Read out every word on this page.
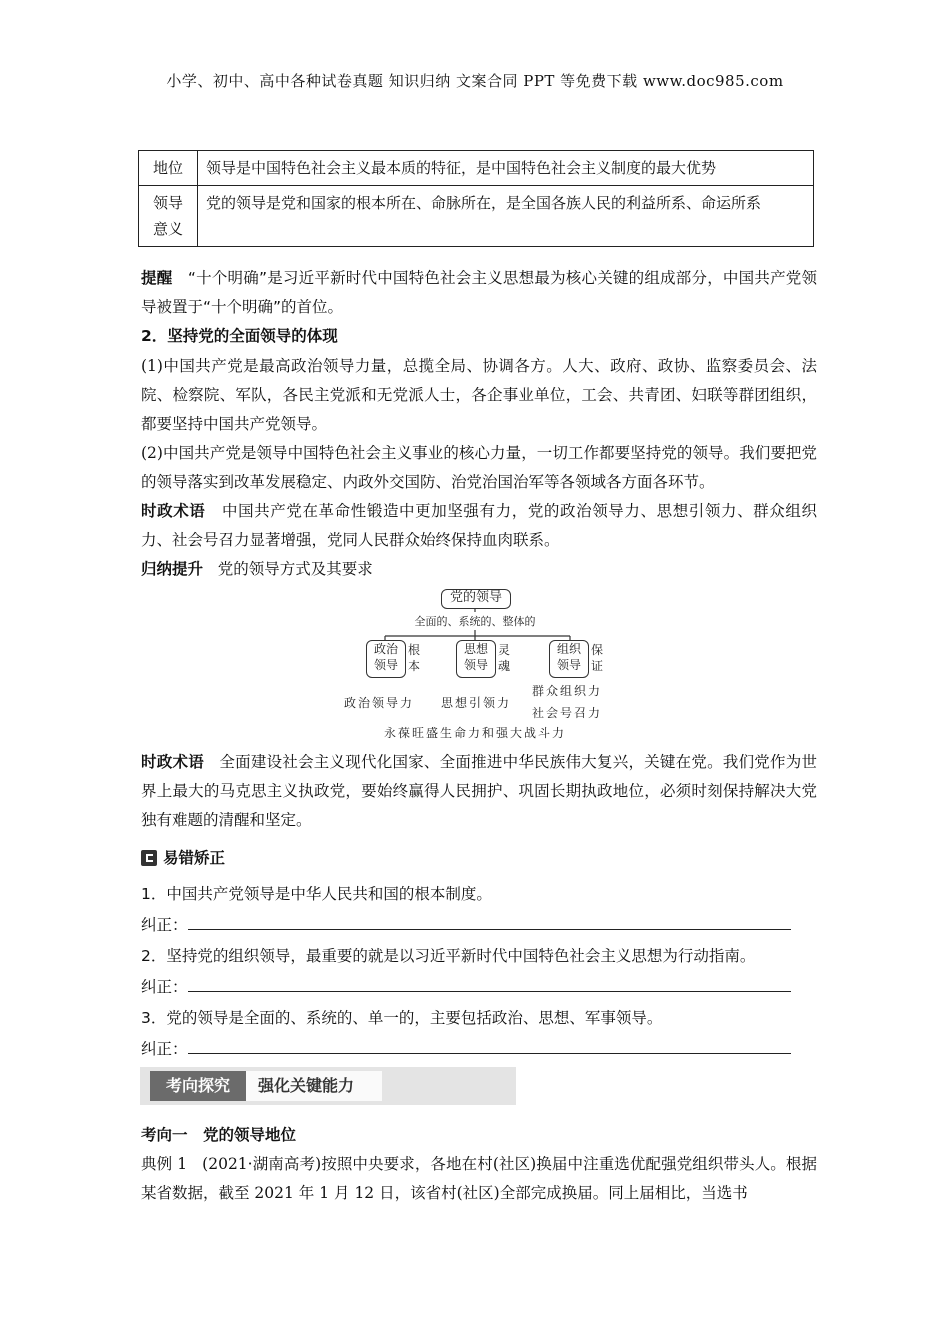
小学、初中、高中各种试卷真题 知识归纳 文案合同 PPT 等免费下载 www.doc985.com
地位	领导是中国特色社会主义最本质的特征，是中国特色社会主义制度的最大优势

领导
意义	党的领导是党和国家的根本所在、命脉所在，是全国各族人民的利益所系、命运所系
提醒 “十个明确”是习近平新时代中国特色社会主义思想最为核心关键的组成部分，中国共产党领导被置于“十个明确”的首位。
2．坚持党的全面领导的体现
(1)中国共产党是最高政治领导力量，总揽全局、协调各方。人大、政府、政协、监察委员会、法院、检察院、军队，各民主党派和无党派人士，各企事业单位，工会、共青团、妇联等群团组织，都要坚持中国共产党领导。
(2)中国共产党是领导中国特色社会主义事业的核心力量，一切工作都要坚持党的领导。我们要把党的领导落实到改革发展稳定、内政外交国防、治党治国治军等各领域各方面各环节。
时政术语 中国共产党在革命性锻造中更加坚强有力，党的政治领导力、思想引领力、群众组织力、社会号召力显著增强，党同人民群众始终保持血肉联系。
归纳提升 党的领导方式及其要求
党的领导
全面的、系统的、整体的
政治
领导
根
本
思想
领导
灵
魂
组织
领导
保
证
政治领导力 思想引领力
群众组织力
社会号召力
永葆旺盛生命力和强大战斗力
时政术语 全面建设社会主义现代化国家、全面推进中华民族伟大复兴，关键在党。我们党作为世界上最大的马克思主义执政党，要始终赢得人民拥护、巩固长期执政地位，必须时刻保持解决大党独有难题的清醒和坚定。
易错矫正
1．中国共产党领导是中华人民共和国的根本制度。
纠正：
2．坚持党的组织领导，最重要的就是以习近平新时代中国特色社会主义思想为行动指南。
纠正：
3．党的领导是全面的、系统的、单一的，主要包括政治、思想、军事领导。
纠正：
考向探究	强化关键能力
考向一　党的领导地位
典例 1 (2021·湖南高考)按照中央要求，各地在村(社区)换届中注重选优配强党组织带头人。根据某省数据，截至 2021 年 1 月 12 日，该省村(社区)全部完成换届。同上届相比，当选书
